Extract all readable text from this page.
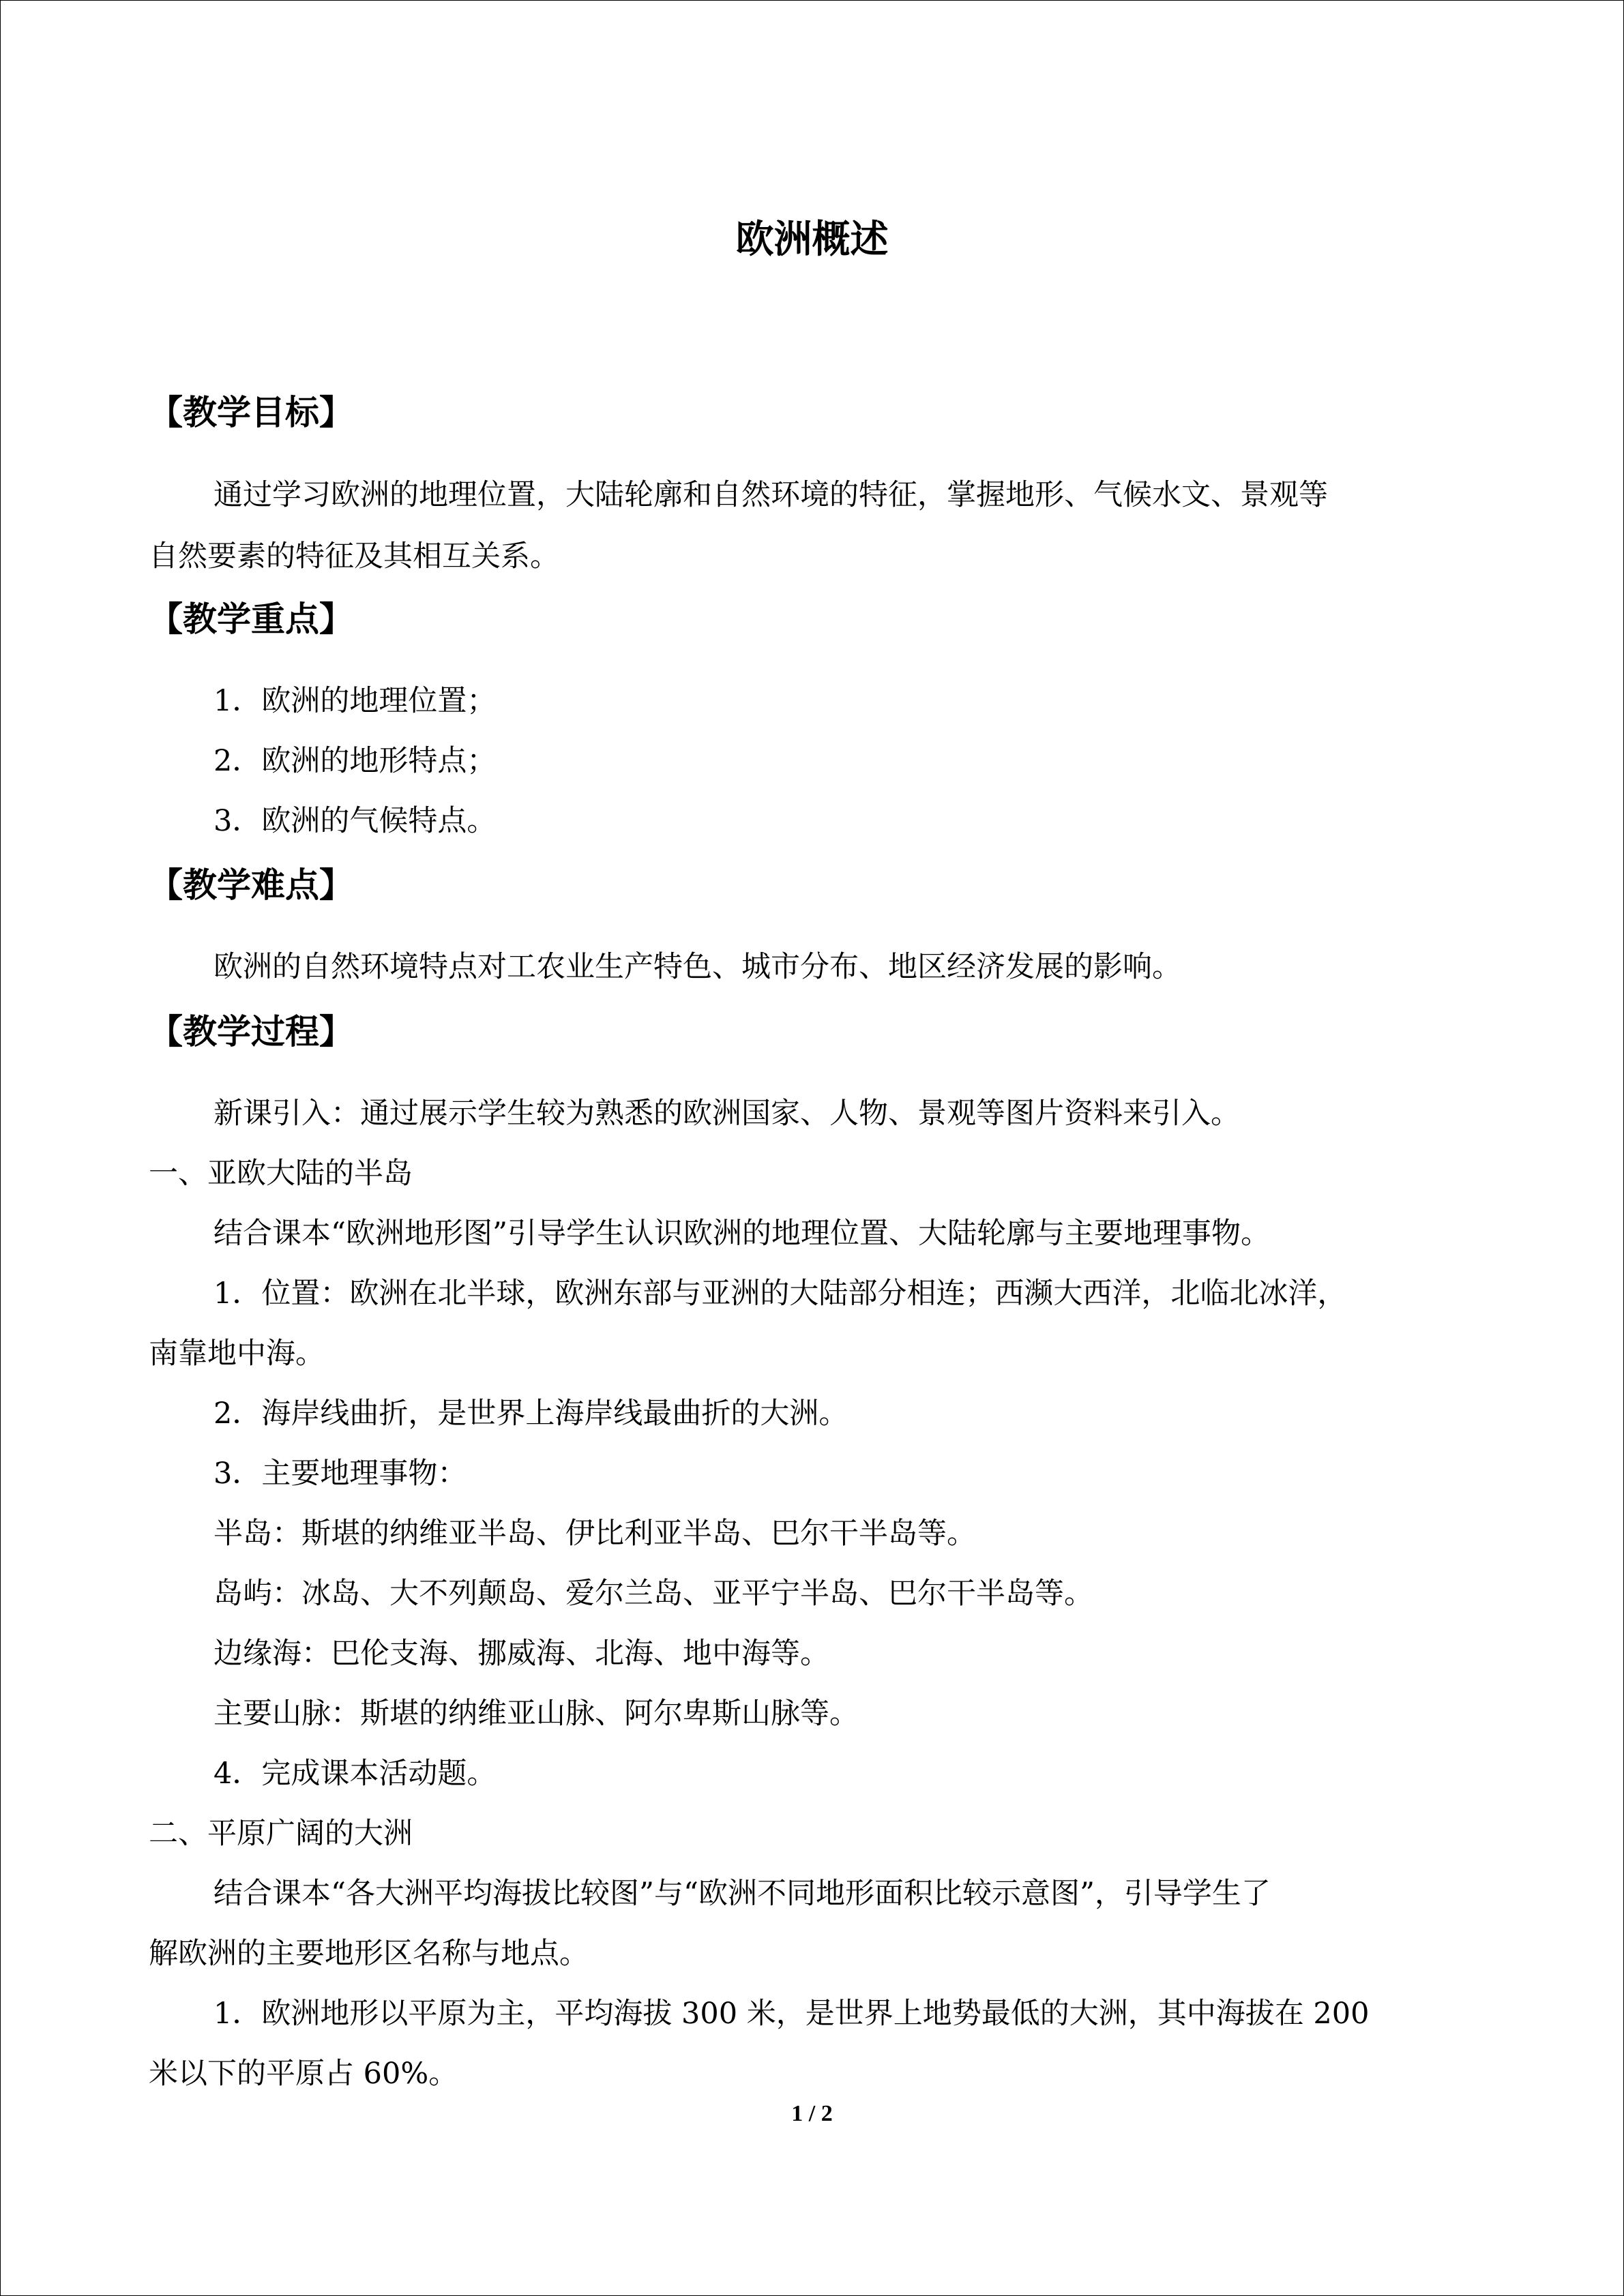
欧洲概述
【教学目标】
通过学习欧洲的地理位置，大陆轮廓和自然环境的特征，掌握地形、气候水文、景观等
自然要素的特征及其相互关系。
【教学重点】
1．欧洲的地理位置；
2．欧洲的地形特点；
3．欧洲的气候特点。
【教学难点】
欧洲的自然环境特点对工农业生产特色、城市分布、地区经济发展的影响。
【教学过程】
新课引入：通过展示学生较为熟悉的欧洲国家、人物、景观等图片资料来引入。
一、亚欧大陆的半岛
结合课本“欧洲地形图”引导学生认识欧洲的地理位置、大陆轮廓与主要地理事物。
1．位置：欧洲在北半球，欧洲东部与亚洲的大陆部分相连；西濒大西洋，北临北冰洋，
南靠地中海。
2．海岸线曲折，是世界上海岸线最曲折的大洲。
3．主要地理事物：
半岛：斯堪的纳维亚半岛、伊比利亚半岛、巴尔干半岛等。
岛屿：冰岛、大不列颠岛、爱尔兰岛、亚平宁半岛、巴尔干半岛等。
边缘海：巴伦支海、挪威海、北海、地中海等。
主要山脉：斯堪的纳维亚山脉、阿尔卑斯山脉等。
4．完成课本活动题。
二、平原广阔的大洲
结合课本“各大洲平均海拔比较图”与“欧洲不同地形面积比较示意图”，引导学生了
解欧洲的主要地形区名称与地点。
1．欧洲地形以平原为主，平均海拔 300 米，是世界上地势最低的大洲，其中海拔在 200
米以下的平原占 60%。
1 / 2
